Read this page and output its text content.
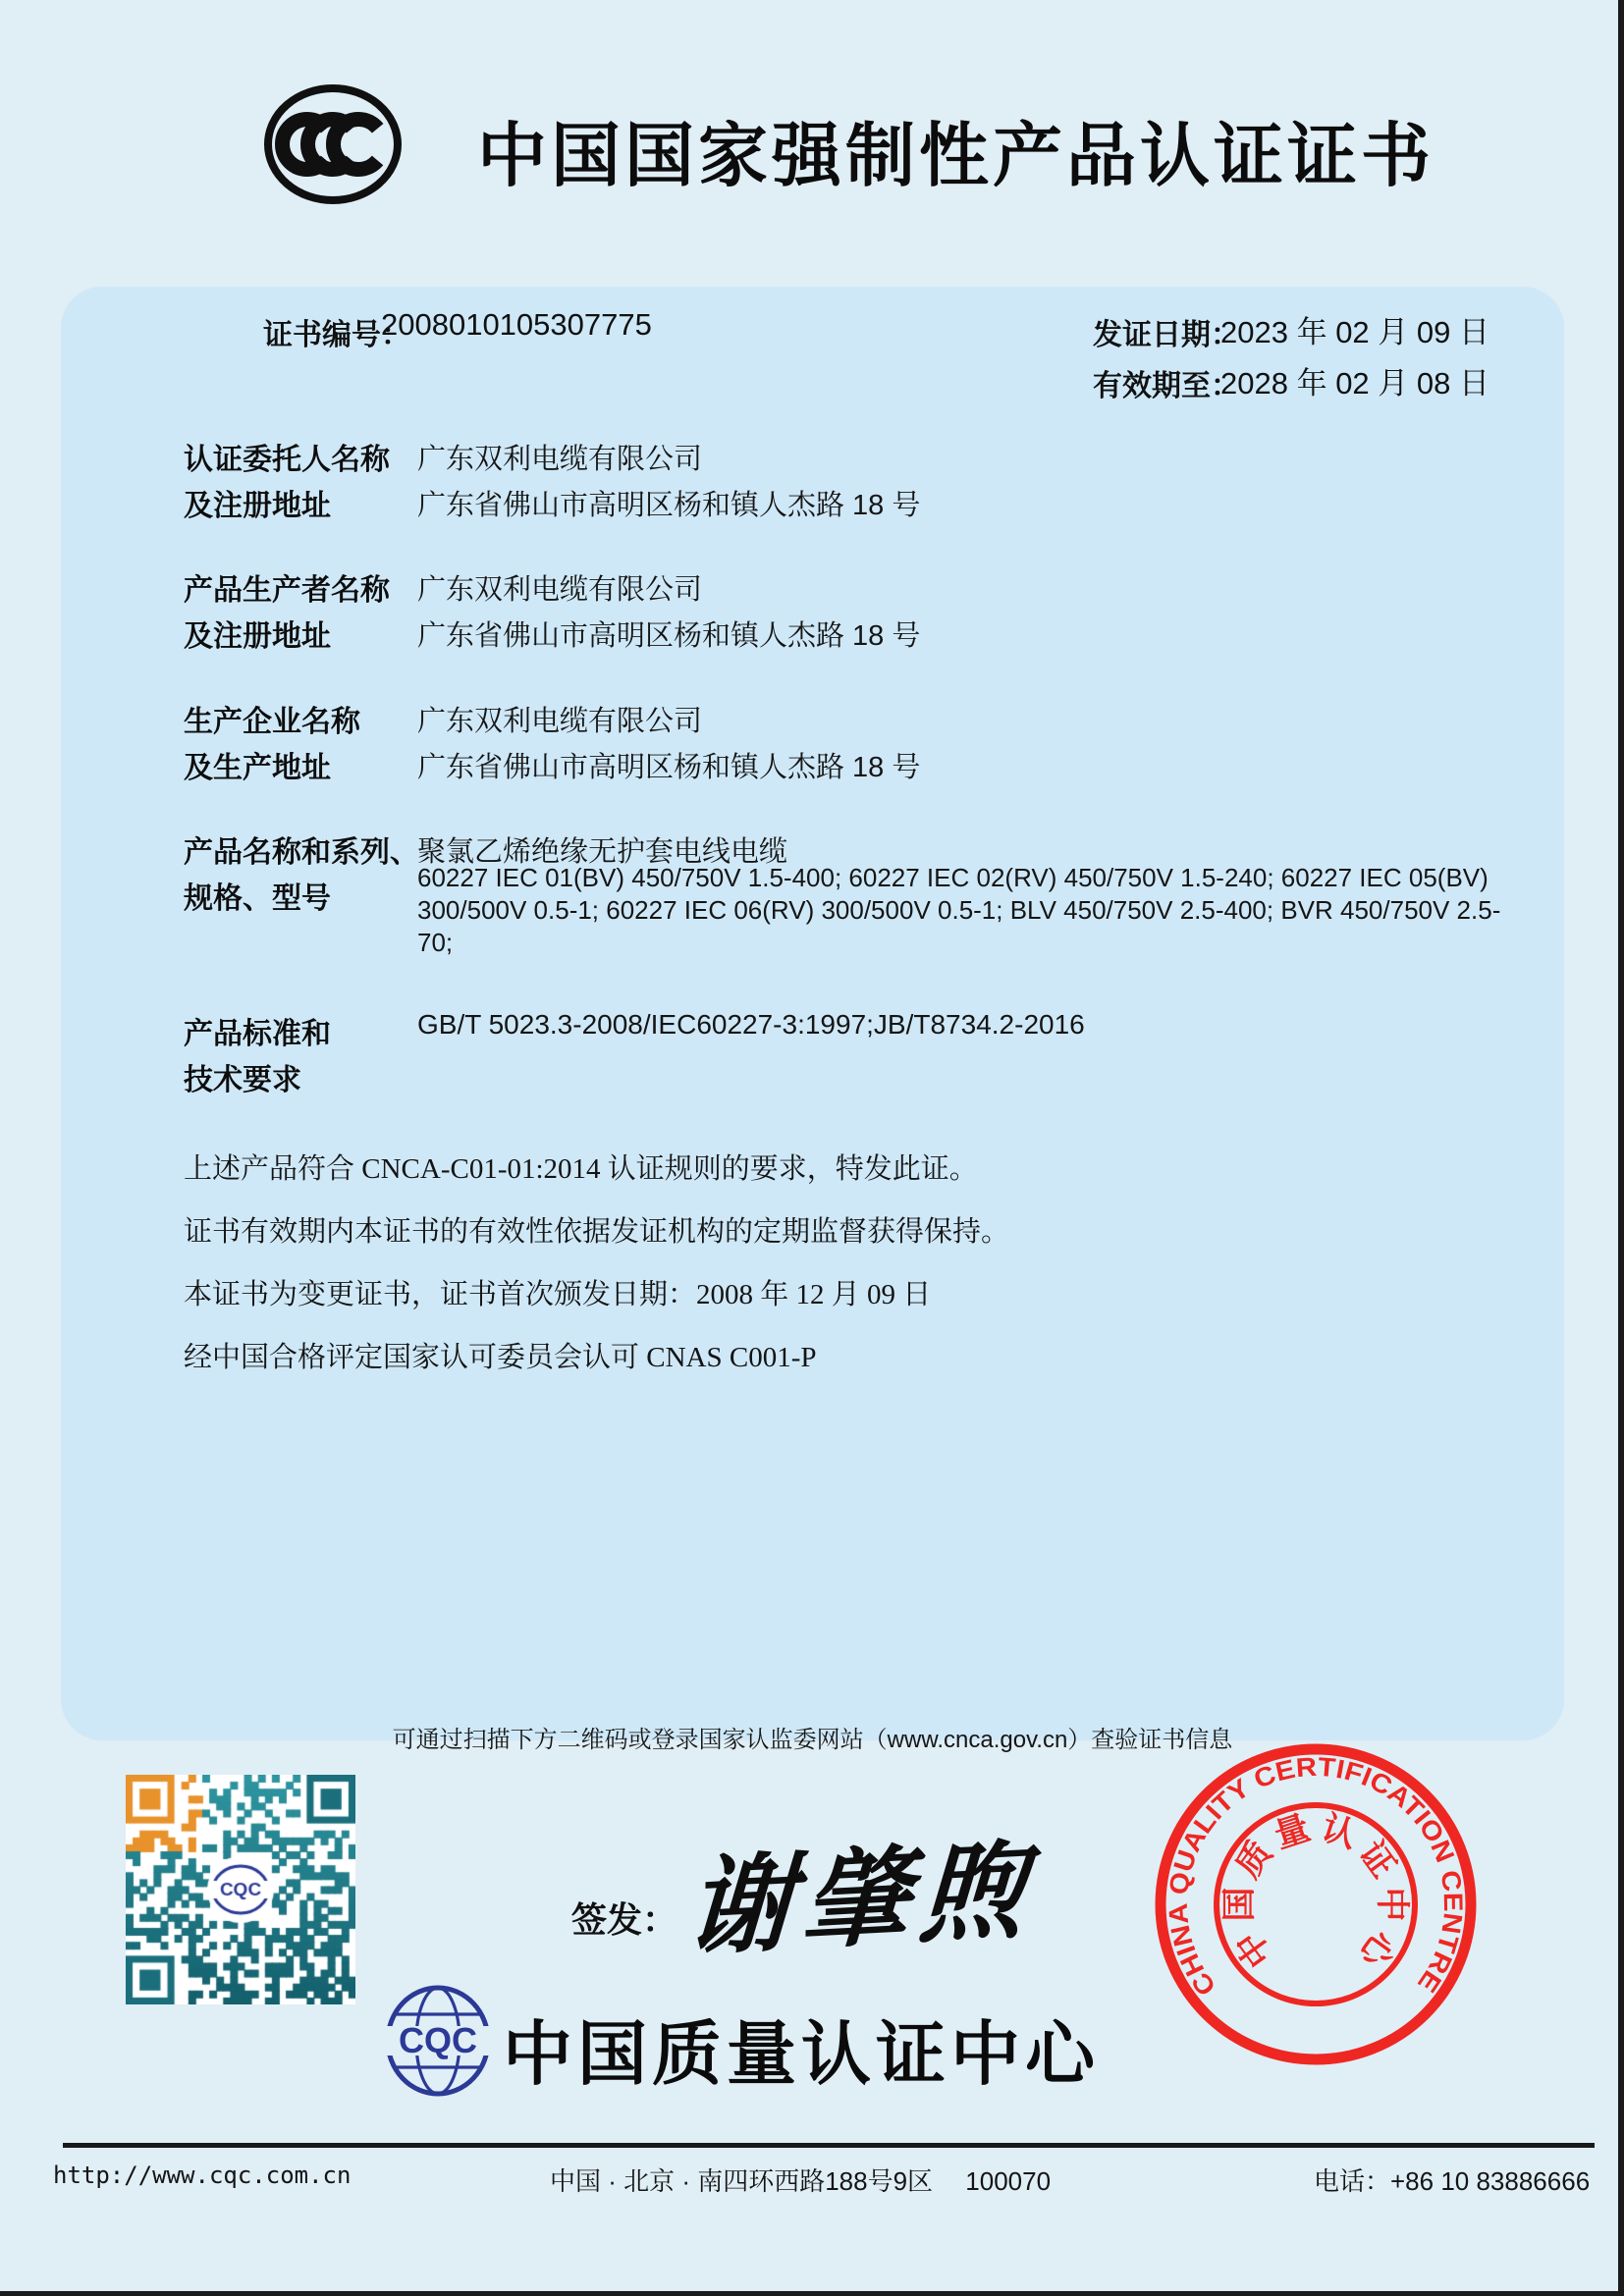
中国国家强制性产品认证证书
证书编号：
2008010105307775	发证日期：
2023 年 02 月 09 日
有效期至：
2028 年 02 月 08 日
认证委托人名称 广东双利电缆有限公司
及注册地址	广东省佛山市高明区杨和镇人杰路 18 号
产品生产者名称 广东双利电缆有限公司
及注册地址	广东省佛山市高明区杨和镇人杰路 18 号
生产企业名称 广东双利电缆有限公司
及生产地址	广东省佛山市高明区杨和镇人杰路 18 号
产品名称和系列、
规格、型号
聚氯乙烯绝缘无护套电线电缆
60227 IEC 01(BV) 450/750V 1.5-400; 60227 IEC 02(RV) 450/750V 1.5-240; 60227 IEC 05(BV) 300/500V 0.5-1; 60227 IEC 06(RV) 300/500V 0.5-1; BLV 450/750V 2.5-400; BVR 450/750V 2.5-70;
产品标准和
技术要求
GB/T 5023.3-2008/IEC60227-3:1997;JB/T8734.2-2016
上述产品符合 CNCA-C01-01:2014 认证规则的要求，特发此证。
证书有效期内本证书的有效性依据发证机构的定期监督获得保持。
本证书为变更证书，证书首次颁发日期：2008 年 12 月 09 日
经中国合格评定国家认可委员会认可 CNAS C001-P
可通过扫描下方二维码或登录国家认监委网站（www.cnca.gov.cn）查验证书信息
签发： 谢肇煦
CQC 中国质量认证中心
CHINA QUALITY CERTIFICATION CENTRE
中
国
质
量 认
证
中
心
http://www.cqc.com.cn	中国 · 北京 · 南四环西路188号9区　 100070	电话：+86 10 83886666
